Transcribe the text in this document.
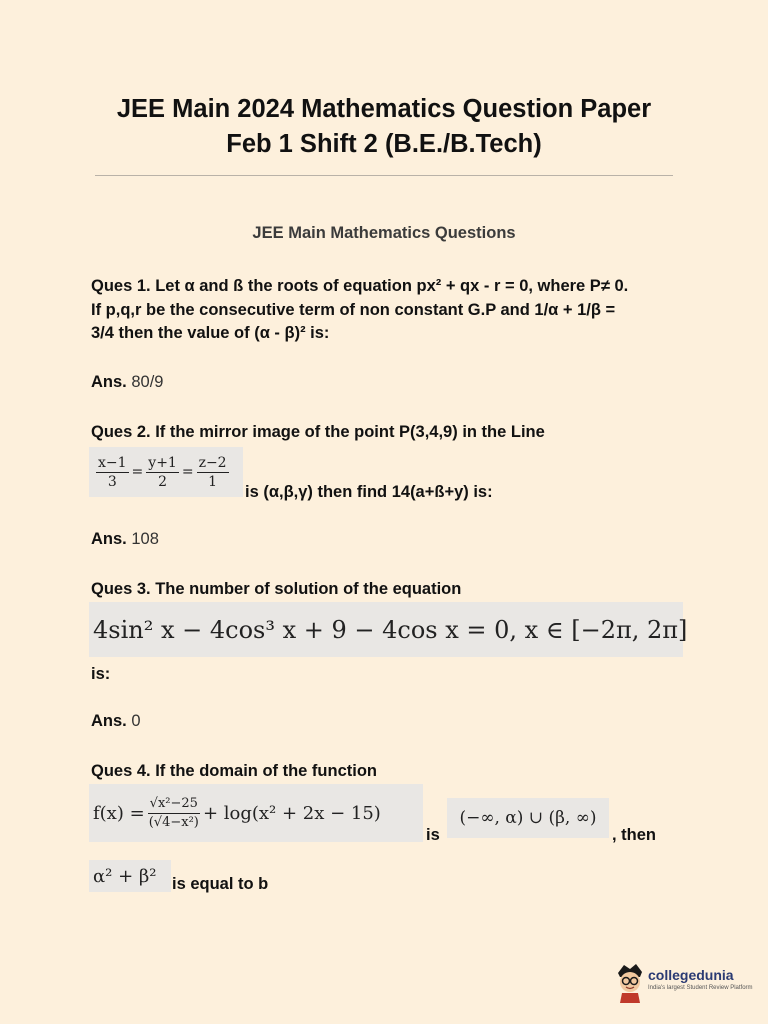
JEE Main 2024 Mathematics Question Paper
Feb 1 Shift 2 (B.E./B.Tech)
JEE Main Mathematics Questions
Ques 1. Let α and ß the roots of equation px² + qx - r = 0, where P≠ 0.
If p,q,r be the consecutive term of non constant G.P and 1/α + 1/β =
3/4 then the value of (α - β)² is:
Ans. 80/9
Ques 2. If the mirror image of the point P(3,4,9) in the Line
$\frac{x-1}{3} = \frac{y+1}{2} = \frac{z-2}{1}$
is (α,β,γ) then find 14(a+ß+y) is:
Ans. 108
Ques 3. The number of solution of the equation
4sin² x − 4cos³ x + 9 − 4cos x = 0, x ∈ [−2π, 2π]
is:
Ans. 0
Ques 4. If the domain of the function
$f(x) = \frac{\text{√x²−25}}{\text{(√4−x²)}} + \log(x^2 + 2x - 15)$
is
(−∞, α) ∪ (β, ∞)
, then
α² + β² is equal to b
collegedunia
India's largest Student Review Platform
